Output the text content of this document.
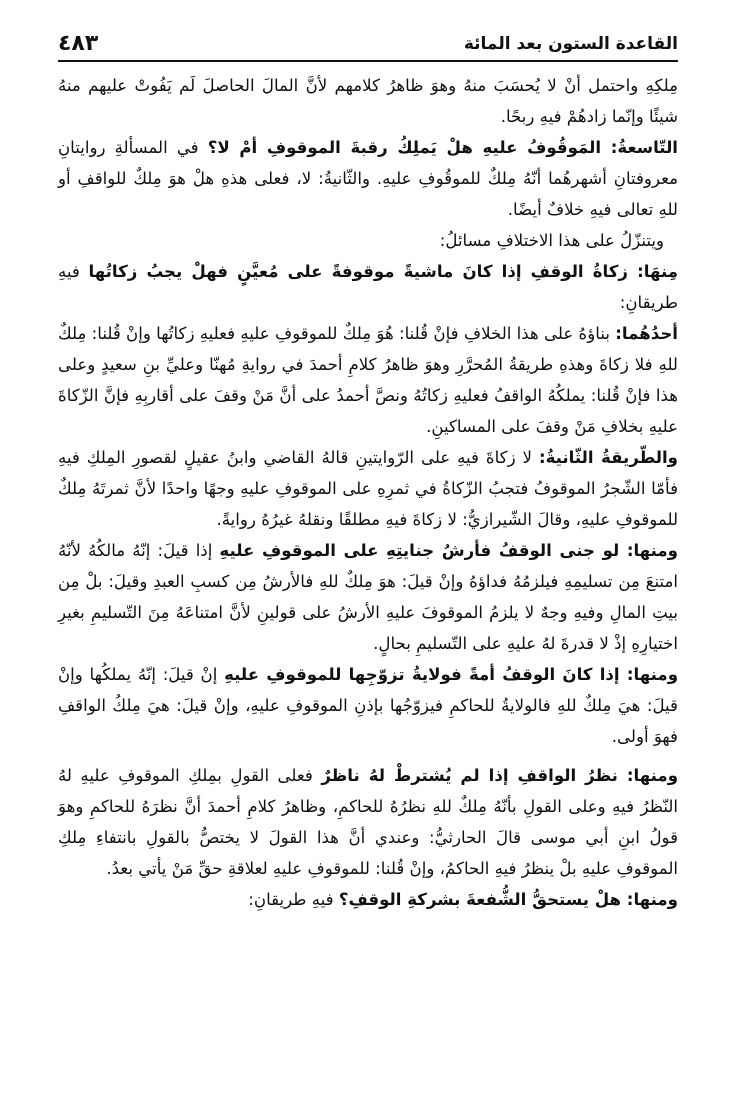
القاعدة الستون بعد المائة
٤٨٣

مِلكِهِ واحتمل أنْ لا يُحسَبَ منهُ وهوَ ظاهرُ كلامهم لأنَّ المالَ الحاصلَ لَم يَفُوتْ عليهم منهُ شيئًا وإنّما زادهُمْ فيهِ ربحًا.

التّاسعةُ: المَوقُوفُ عليهِ هلْ يَملِكُ رقبةَ الموقوفِ أمْ لا؟ في المسألةِ روايتانِ معروفتانِ أشهرهُما أنّهُ مِلكٌ للموقُوفِ عليهِ. والثّانيةُ: لا، فعلى هذهِ هلْ هوَ مِلكٌ للواقفِ أو للهِ تعالى فيهِ خلافٌ أيضًا.

ويتنزّلُ على هذا الاختلافِ مسائلُ:

مِنهَا: زكاةُ الوقفِ إذا كانَ ماشيةً موقوفةً على مُعيَّنٍ فهلْ يجبُ زكاتُها فيهِ طريقانِ:

أحدُهُما: بناؤهُ على هذا الخلافِ فإنْ قُلنا: هُوَ مِلكٌ للموقوفِ عليهِ فعليهِ زكاتُها وإنْ قُلنا: مِلكٌ للهِ فلا زكاةَ وهذهِ طريقةُ المُحرَّرِ وهوَ ظاهرُ كلامِ أحمدَ في روايةِ مُهنّا وعليِّ بنِ سعيدٍ وعلى هذا فإنْ قُلنا: يملكُهُ الواقفُ فعليهِ زكاتُهُ ونصَّ أحمدُ على أنَّ مَنْ وقفَ على أقاربِهِ فإنَّ الزّكاةَ عليهِ بخلافِ مَنْ وقفَ على المساكينِ.

والطّريقةُ الثّانيةُ: لا زكاةَ فيهِ على الرّوايتينِ قالهُ القاضي وابنُ عقيلٍ لقصورِ المِلكِ فيهِ فأمّا الشّجرُ الموقوفُ فتجبُ الزّكاةُ في ثمرِهِ على الموقوفِ عليهِ وجهًا واحدًا لأنَّ ثمرتَهُ مِلكٌ للموقوفِ عليهِ، وقالَ الشّيرازيُّ: لا زكاةَ فيهِ مطلقًا ونقلهُ غيرُهُ روايةً.

ومنها: لو جنى الوقفُ فأرشُ جنايتِهِ على الموقوفِ عليهِ إذا قيلَ: إنّهُ مالكُهُ لأنّهُ امتنعَ مِن تسليمِهِ فيلزمُهُ فداؤهُ وإنْ قيلَ: هوَ مِلكٌ للهِ فالأرشُ مِن كسبِ العبدِ وقيلَ: بلْ مِن بيتِ المالِ وفيهِ وجهٌ لا يلزمُ الموقوفَ عليهِ الأرشُ على قولينِ لأنَّ امتناعَهُ مِنَ التّسليمِ بغيرِ اختيارِهِ إذْ لا قدرةَ لهُ عليهِ على التّسليمِ بحالٍ.

ومنها: إذا كانَ الوقفُ أمةً فولايةُ تزوّجِها للموقوفِ عليهِ إنْ قيلَ: إنّهُ يملكُها وإنْ قيلَ: هيَ مِلكٌ للهِ فالولايةُ للحاكمِ فيزوّجُها بإذنِ الموقوفِ عليهِ، وإنْ قيلَ: هيَ مِلكُ الواقفِ فهوَ أولى.

ومنها: نظرُ الواقفِ إذا لم يُشترطْ لهُ ناظرٌ فعلى القولِ بمِلكِ الموقوفِ عليهِ لهُ النّظرُ فيهِ وعلى القولِ بأنّهُ مِلكٌ للهِ نظرُهُ للحاكمِ، وظاهرُ كلامِ أحمدَ أنَّ نظرَهُ للحاكمِ وهوَ قولُ ابنِ أبي موسى قالَ الحارثيُّ: وعندي أنَّ هذا القولَ لا يختصُّ بالقولِ بانتفاءِ مِلكِ الموقوفِ عليهِ بلْ ينظرُ فيهِ الحاكمُ، وإنْ قُلنا: للموقوفِ عليهِ لعلاقةِ حقِّ مَنْ يأتي بعدُ.

ومنها: هلْ يستحقُّ الشُّفعةَ بشركةِ الوقفِ؟ فيهِ طريقانِ:
